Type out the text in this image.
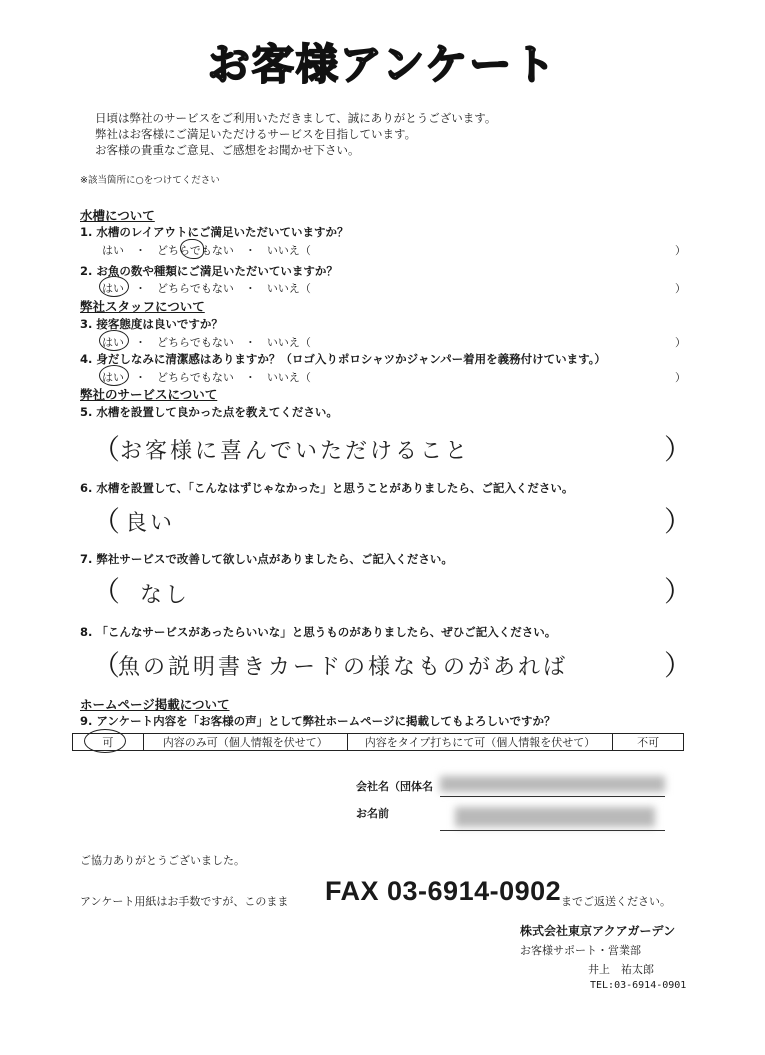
お客様アンケート
日頃は弊社のサービスをご利用いただきまして、誠にありがとうございます。
弊社はお客様にご満足いただけるサービスを目指しています。
お客様の貴重なご意見、ご感想をお聞かせ下さい。
※該当箇所に○をつけてください
水槽について
1. 水槽のレイアウトにご満足いただいていますか？
はい　・　どちらでもない　・　いいえ（	）
2. お魚の数や種類にご満足いただいていますか？
はい　・　どちらでもない　・　いいえ（	）
弊社スタッフについて
3. 接客態度は良いですか？
はい　・　どちらでもない　・　いいえ（	）
4. 身だしなみに清潔感はありますか？（ロゴ入りポロシャツかジャンパー着用を義務付けています。）
はい　・　どちらでもない　・　いいえ（	）
弊社のサービスについて
5. 水槽を設置して良かった点を教えてください。
（ お客様に喜んでいただけること	）
6. 水槽を設置して、「こんなはずじゃなかった」と思うことがありましたら、ご記入ください。
（ 良い	）
7. 弊社サービスで改善して欲しい点がありましたら、ご記入ください。
（ なし	）
8. 「こんなサービスがあったらいいな」と思うものがありましたら、ぜひご記入ください。
（
魚の説明書きカードの様なものがあれば	）
ホームページ掲載について
9. アンケート内容を「お客様の声」として弊社ホームページに掲載してもよろしいですか？
可	内容のみ可（個人情報を伏せて）	内容をタイプ打ちにて可（個人情報を伏せて）	不可
会社名（団体名
お名前
ご協力ありがとうございました。
アンケート用紙はお手数ですが、このまま FAX 03-6914-0902 までご返送ください。
株式会社東京アクアガーデン
お客様サポート・営業部
井上　祐太郎
TEL:03-6914-0901
